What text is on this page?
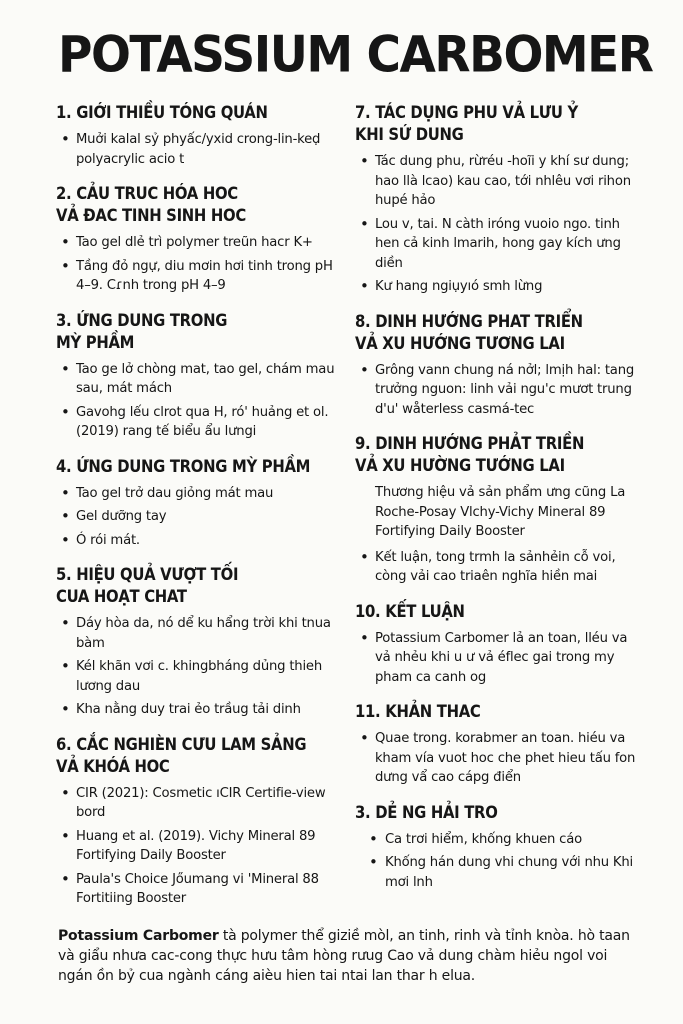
POTASSIUM CARBOMER
1. GIỚI THIỀU TÓNG QUÁN
• Muởi kalal sỷ phyấc/yxid crong-lin-keḍ polyacrylic acio t
2. CẢU TRUC HÓA HOC
VẢ ĐAC TINH SINH HOC
• Tao gel dlẻ trì polymer treũn hacr K+
• Tầng đỏ ngự, diu mơin hơi tinh trong pH 4–9. Cɾnh trong pH 4–9
3. ỨNG DUNG TRONG
MỲ PHẦM
• Tao ge lở chòng mat, tao gel, chám mau sau, mát mách
• Gavohg lếu clrot qua H, ró' huảng et ol. (2019) rang tế biểu ẩu lưngi
4. ỨNG DUNG TRONG MỲ PHẦM
• Tao gel trở dau giỏng mát mau
• Gel dưỡng tay
• Ó rói mát.
5. HIỆU QUẢ VƯỢT TỐI
CUA HOẠT CHAT
• Dáy hòa da, nó dể ku hẩng trời khi tnua bàm
• Kél khãn vơi c. khingbháng dủng thieh lương dau
• Kha nằng duy trai ẻo trầug tải dinh
6. CẮC NGHIÈN CƯU LAM SẢNG
VẢ KHÓÁ HOC
• CIR (2021): Cosmetic ıCIR Certifie-view bord
• Huang et al. (2019). Vichy Mineral 89 Fortifying Daily Booster
• Paula's Choice Jőumang vi 'Mineral 88 Fortitiing Booster
7. TÁC DỤNG PHU VẢ LƯU Ỷ
KHI SỨ DUNG
• Tác dung phu, rừréu -hoĩi y khí sư dung; hao llà lcao) kau cao, tới nhlêu vơi rihon hupé hảo
• Lou v, tai. N càth iróng vuoio ngo. tinh hen cả kinh lmarih, hong gay kích ưng diền
• Kư hang ngiụyıó smh lừng
8. DINH HƯỚNG PHAT TRIỂN
VẢ XU HƯỚNG TƯƠNG LAI
• Grông vann chung ná nởl; lmịh hal: tang trưởng nguon: linh vải ngu'c mươt trung d'u' wåterless casmá-tec
9. DINH HƯỚNG PHẢT TRIỀN
VẢ XU HƯỜNG TƯỚNG LAI

Thương hiệu vả sản phẩm ưng cũng La Roche-Posay Vlchy-Vichy Mineral 89 Fortifying Daily Booster

• Kết luận, tong trmh la sảnhẻin cỗ voi, còng vải cao triaên nghĩa hiền mai
10. KẾT LUẬN
• Potassium Carbomer lả an toan, lléu va vả nhẻu khi u ư vả éflec gai trong my pham ca canh og
11. KHẢN THAC
• Quae trong. korabmer an toan. hiéu va kham vía vuot hoc che phet hieu tấu fon dưng vẩ cao cápg điển
3. DẺ NG HẢI TRO
• Ca trơi hiểm, khống khuen cáo
• Khống hán dung vhi chung với nhu Khi mơi lnh

Potassium Carbomer tà polymer thể giziề mòl, an tinh, rinh và tỉnh knòa. hò taan và giẩu nhưa cac-cong thực hưu tâm hòng rưug Cao vả dung chàm hiẻu ngol voi ngán ồn bỷ cua ngành cáng aièu hien tai ntai lan thar h elua.
